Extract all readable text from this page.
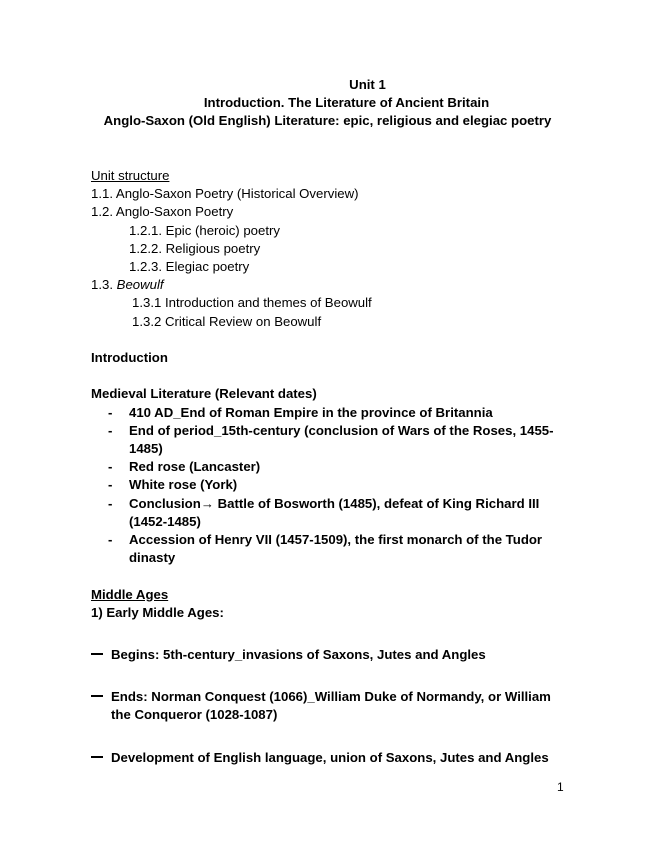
Unit 1
Introduction. The Literature of Ancient Britain
Anglo-Saxon (Old English) Literature: epic, religious and elegiac poetry
Unit structure
1.1. Anglo-Saxon Poetry (Historical Overview)
1.2. Anglo-Saxon Poetry
1.2.1. Epic (heroic) poetry
1.2.2. Religious poetry
1.2.3. Elegiac poetry
1.3. Beowulf
1.3.1 Introduction and themes of Beowulf
1.3.2 Critical Review on Beowulf
Introduction
Medieval Literature (Relevant dates)
- 410 AD_End of Roman Empire in the province of Britannia
- End of period_15th-century (conclusion of Wars of the Roses, 1455-1485)
- Red rose (Lancaster)
- White rose (York)
- Conclusion→ Battle of Bosworth (1485), defeat of King Richard III (1452-1485)
- Accession of Henry VII (1457-1509), the first monarch of the Tudor dinasty
Middle Ages
1) Early Middle Ages:
Begins: 5th-century_invasions of Saxons, Jutes and Angles
Ends: Norman Conquest (1066)_William Duke of Normandy, or William the Conqueror (1028-1087)
Development of English language, union of Saxons, Jutes and Angles
1
